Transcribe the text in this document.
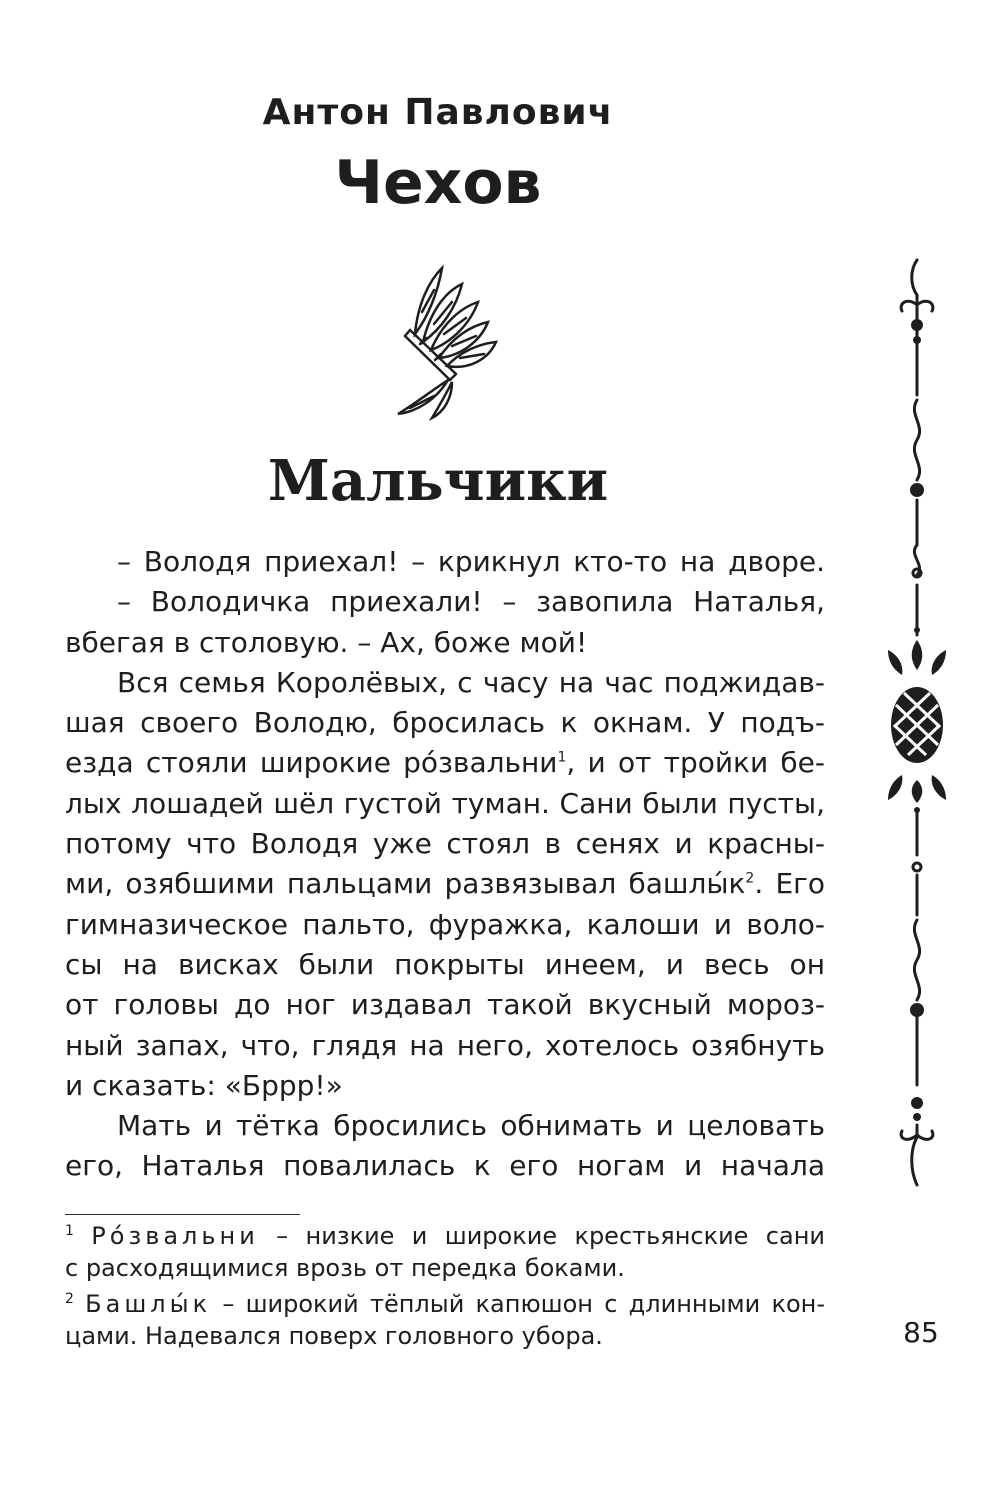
Антон Павлович
Чехов
Мальчики
– Володя приехал! – крикнул кто-то на дворе.
– Володичка приехали! – завопила Наталья,
вбегая в столовую. – Ах, боже мой!
Вся семья Королёвых, с часу на час поджидав-
шая своего Володю, бросилась к окнам. У подъ-
езда стояли широкие ро́звальни$^1$, и от тройки бе-
лых лошадей шёл густой туман. Сани были пусты,
потому что Володя уже стоял в сенях и красны-
ми, озябшими пальцами развязывал $башлы́к^2$. Его
гимназическое пальто, фуражка, калоши и воло-
сы на висках были покрыты инеем, и весь он
от головы до ног издавал такой вкусный мороз-
ный запах, что, глядя на него, хотелось озябнуть
и сказать: «Бррр!»
Мать и тётка бросились обнимать и целовать
его, Наталья повалилась к его ногам и начала
$^1$ Ро́звальни – низкие и широкие крестьянские сани
с расходящимися врозь от передка боками.
$^2$ Башлы́к – широкий тёплый капюшон с длинными кон-
цами. Надевался поверх головного убора.	85
